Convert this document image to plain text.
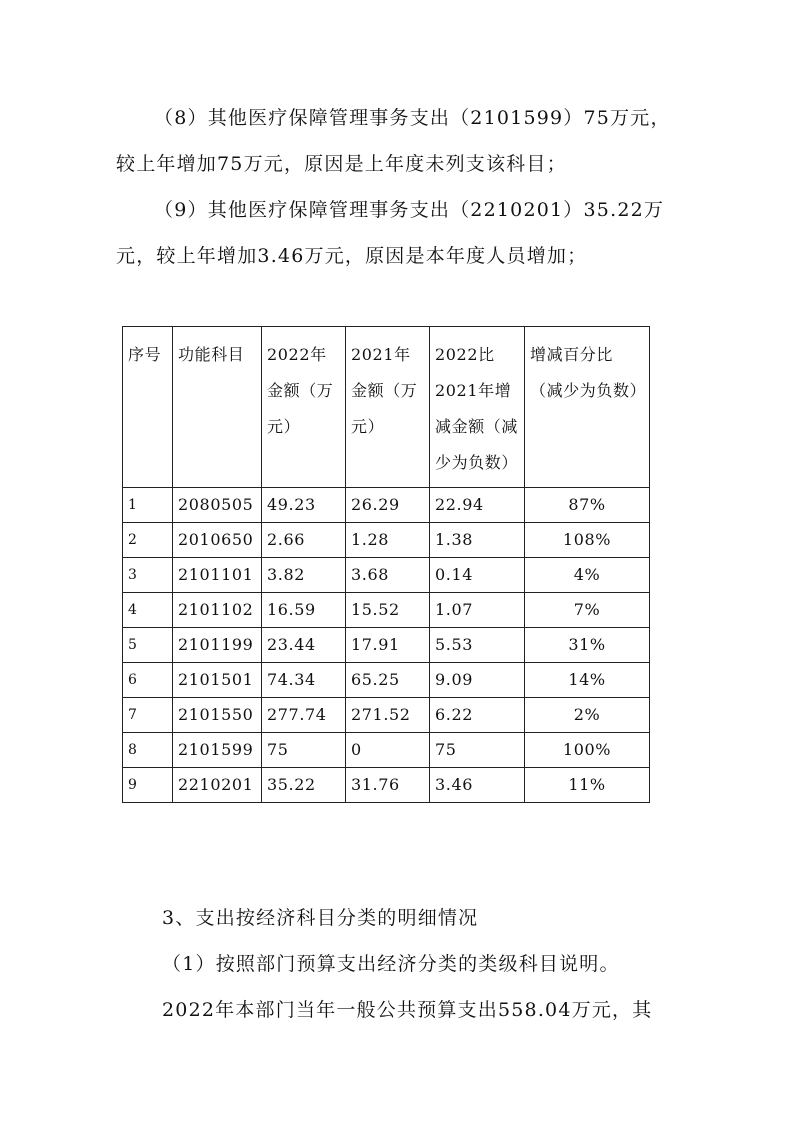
（8）其他医疗保障管理事务支出（2101599）75万元，较上年增加75万元，原因是上年度未列支该科目；

（9）其他医疗保障管理事务支出（2210201）35.22万元，较上年增加3.46万元，原因是本年度人员增加；

序号	功能科目	2022年金额（万元）	2021年金额（万元）	2022比2021年增减金额（减少为负数）	增减百分比（减少为负数）
1	2080505	49.23	26.29	22.94	87%
2	2010650	2.66	1.28	1.38	108%
3	2101101	3.82	3.68	0.14	4%
4	2101102	16.59	15.52	1.07	7%
5	2101199	23.44	17.91	5.53	31%
6	2101501	74.34	65.25	9.09	14%
7	2101550	277.74	271.52	6.22	2%
8	2101599	75	0	75	100%
9	2210201	35.22	31.76	3.46	11%

3、支出按经济科目分类的明细情况

（1）按照部门预算支出经济分类的类级科目说明。

2022年本部门当年一般公共预算支出558.04万元，其
